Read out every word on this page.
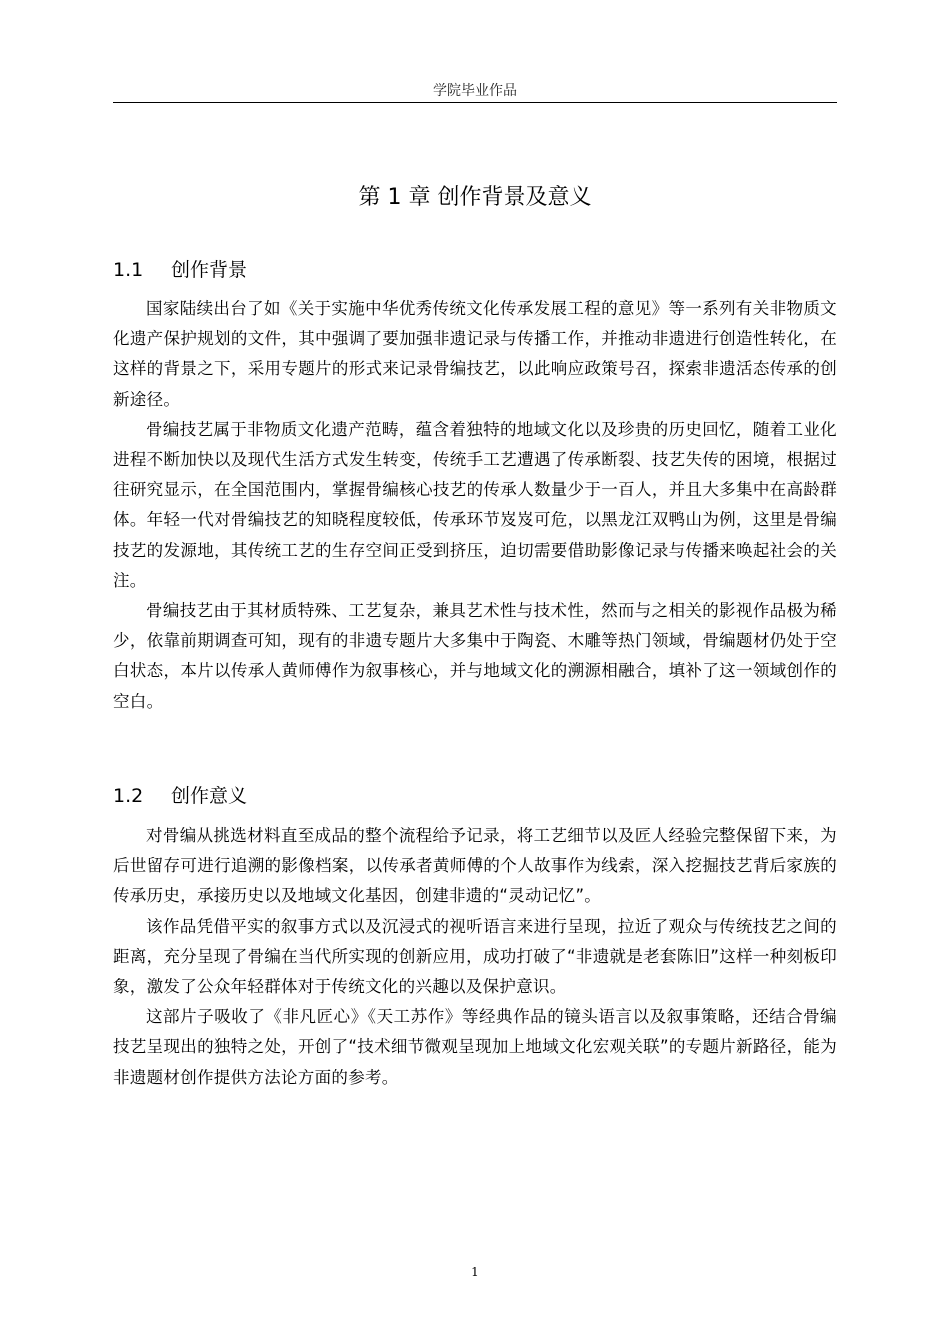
学院毕业作品
第 1 章 创作背景及意义
1.1 创作背景

国家陆续出台了如《关于实施中华优秀传统文化传承发展工程的意见》等一系列有关非物质文化遗产保护规划的文件，其中强调了要加强非遗记录与传播工作，并推动非遗进行创造性转化，在这样的背景之下，采用专题片的形式来记录骨编技艺，以此响应政策号召，探索非遗活态传承的创新途径。

骨编技艺属于非物质文化遗产范畴，蕴含着独特的地域文化以及珍贵的历史回忆，随着工业化进程不断加快以及现代生活方式发生转变，传统手工艺遭遇了传承断裂、技艺失传的困境，根据过往研究显示，在全国范围内，掌握骨编核心技艺的传承人数量少于一百人，并且大多集中在高龄群体。年轻一代对骨编技艺的知晓程度较低，传承环节岌岌可危，以黑龙江双鸭山为例，这里是骨编技艺的发源地，其传统工艺的生存空间正受到挤压，迫切需要借助影像记录与传播来唤起社会的关注。

骨编技艺由于其材质特殊、工艺复杂，兼具艺术性与技术性，然而与之相关的影视作品极为稀少，依靠前期调查可知，现有的非遗专题片大多集中于陶瓷、木雕等热门领域，骨编题材仍处于空白状态，本片以传承人黄师傅作为叙事核心，并与地域文化的溯源相融合，填补了这一领域创作的空白。

1.2 创作意义

对骨编从挑选材料直至成品的整个流程给予记录，将工艺细节以及匠人经验完整保留下来，为后世留存可进行追溯的影像档案，以传承者黄师傅的个人故事作为线索，深入挖掘技艺背后家族的传承历史，承接历史以及地域文化基因，创建非遗的“灵动记忆”。

该作品凭借平实的叙事方式以及沉浸式的视听语言来进行呈现，拉近了观众与传统技艺之间的距离，充分呈现了骨编在当代所实现的创新应用，成功打破了“非遗就是老套陈旧”这样一种刻板印象，激发了公众年轻群体对于传统文化的兴趣以及保护意识。

这部片子吸收了《非凡匠心》《天工苏作》等经典作品的镜头语言以及叙事策略，还结合骨编技艺呈现出的独特之处，开创了“技术细节微观呈现加上地域文化宏观关联”的专题片新路径，能为非遗题材创作提供方法论方面的参考。

1
